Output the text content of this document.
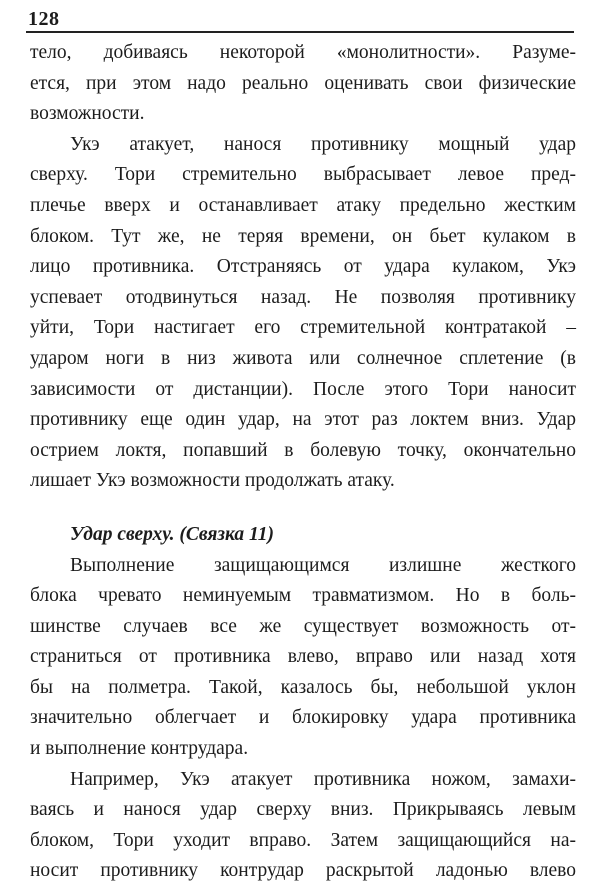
128
тело, добиваясь некоторой «монолитности». Разуме-
ется, при этом надо реально оценивать свои физические
возможности.
Укэ атакует, нанося противнику мощный удар
сверху. Тори стремительно выбрасывает левое пред-
плечье вверх и останавливает атаку предельно жестким
блоком. Тут же, не теряя времени, он бьет кулаком в
лицо противника. Отстраняясь от удара кулаком, Укэ
успевает отодвинуться назад. Не позволяя противнику
уйти, Тори настигает его стремительной контратакой –
ударом ноги в низ живота или солнечное сплетение (в
зависимости от дистанции). После этого Тори наносит
противнику еще один удар, на этот раз локтем вниз. Удар
острием локтя, попавший в болевую точку, окончательно
лишает Укэ возможности продолжать атаку.
Удар сверху. (Связка 11)
Выполнение защищающимся излишне жесткого
блока чревато неминуемым травматизмом. Но в боль-
шинстве случаев все же существует возможность от-
страниться от противника влево, вправо или назад хотя
бы на полметра. Такой, казалось бы, небольшой уклон
значительно облегчает и блокировку удара противника
и выполнение контрудара.
Например, Укэ атакует противника ножом, замахи-
ваясь и нанося удар сверху вниз. Прикрываясь левым
блоком, Тори уходит вправо. Затем защищающийся на-
носит противнику контрудар раскрытой ладонью влево
